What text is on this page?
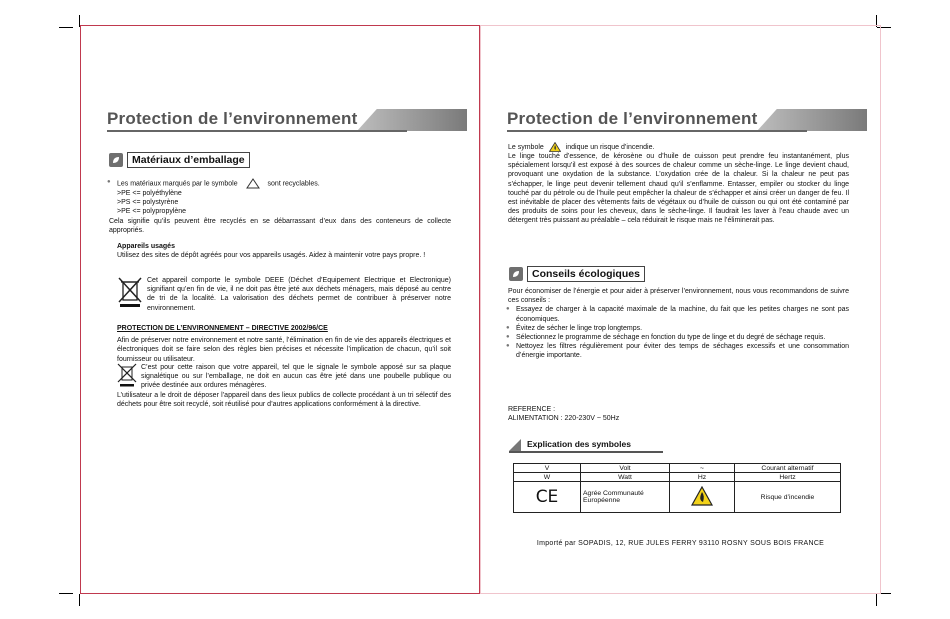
Protection de l’environnement
Matériaux d’emballage
● Les matériaux marqués par le symbole	sont recyclables.
>PE <= polyéthylène
>PS <= polystyrène
>PE <= polypropylène
Cela signifie qu’ils peuvent être recyclés en se débarrassant d’eux dans des conteneurs de collecte appropriés.
Appareils usagés
Utilisez des sites de dépôt agréés pour vos appareils usagés. Aidez à maintenir votre pays propre. !
Cet appareil comporte le symbole DEEE (Déchet d’Equipement Electrique et Electronique) signifiant qu’en fin de vie, il ne doit pas être jeté aux déchets ménagers, mais déposé au centre de tri de la localité. La valorisation des déchets permet de contribuer à préserver notre environnement.
PROTECTION DE L’ENVIRONNEMENT – DIRECTIVE 2002/96/CE
Afin de préserver notre environnement et notre santé, l’élimination en fin de vie des appareils électriques et électroniques doit se faire selon des règles bien précises et nécessite l’implication de chacun, qu’il soit fournisseur ou utilisateur.
C’est pour cette raison que votre appareil, tel que le signale le symbole apposé sur sa plaque signalétique ou sur l’emballage, ne doit en aucun cas être jeté dans une poubelle publique ou privée destinée aux ordures ménagères.
L’utilisateur a le droit de déposer l’appareil dans des lieux publics de collecte procédant à un tri sélectif des déchets pour être soit recyclé, soit réutilisé pour d’autres applications conformément à la directive.
Protection de l’environnement
Le symbole	indique un risque d’incendie.
Le linge touché d’essence, de kérosène ou d’huile de cuisson peut prendre feu instantanément, plus spécialement lorsqu’il est exposé à des sources de chaleur comme un sèche-linge. Le linge devient chaud, provoquant une oxydation de la substance. L’oxydation crée de la chaleur. Si la chaleur ne peut pas s’échapper, le linge peut devenir tellement chaud qu’il s’enflamme. Entasser, empiler ou stocker du linge touché par du pétrole ou de l’huile peut empêcher la chaleur de s’échapper et ainsi créer un danger de feu. Il est inévitable de placer des vêtements faits de végétaux ou d’huile de cuisson ou qui ont été contaminé par des produits de soins pour les cheveux, dans le sèche-linge. Il faudrait les laver à l’eau chaude avec un détergent très puissant au préalable – cela réduirait le risque mais ne l’éliminerait pas.
Conseils écologiques
Pour économiser de l’énergie et pour aider à préserver l’environnement, nous vous recommandons de suivre ces conseils :
● Essayez de charger à la capacité maximale de la machine, du fait que les petites charges ne sont pas économiques.
● Évitez de sécher le linge trop longtemps.
● Sélectionnez le programme de séchage en fonction du type de linge et du degré de séchage requis.
● Nettoyez les filtres régulièrement pour éviter des temps de séchages excessifs et une consommation d’énergie importante.
REFERENCE :
ALIMENTATION : 220-230V ~ 50Hz
Explication des symboles
V	Volt	~	Courant alternatif
W	Watt	Hz	Hertz
CE	Agrée Communauté Européenne		Risque d’incendie
Importé par SOPADIS, 12, RUE JULES FERRY 93110 ROSNY SOUS BOIS FRANCE
